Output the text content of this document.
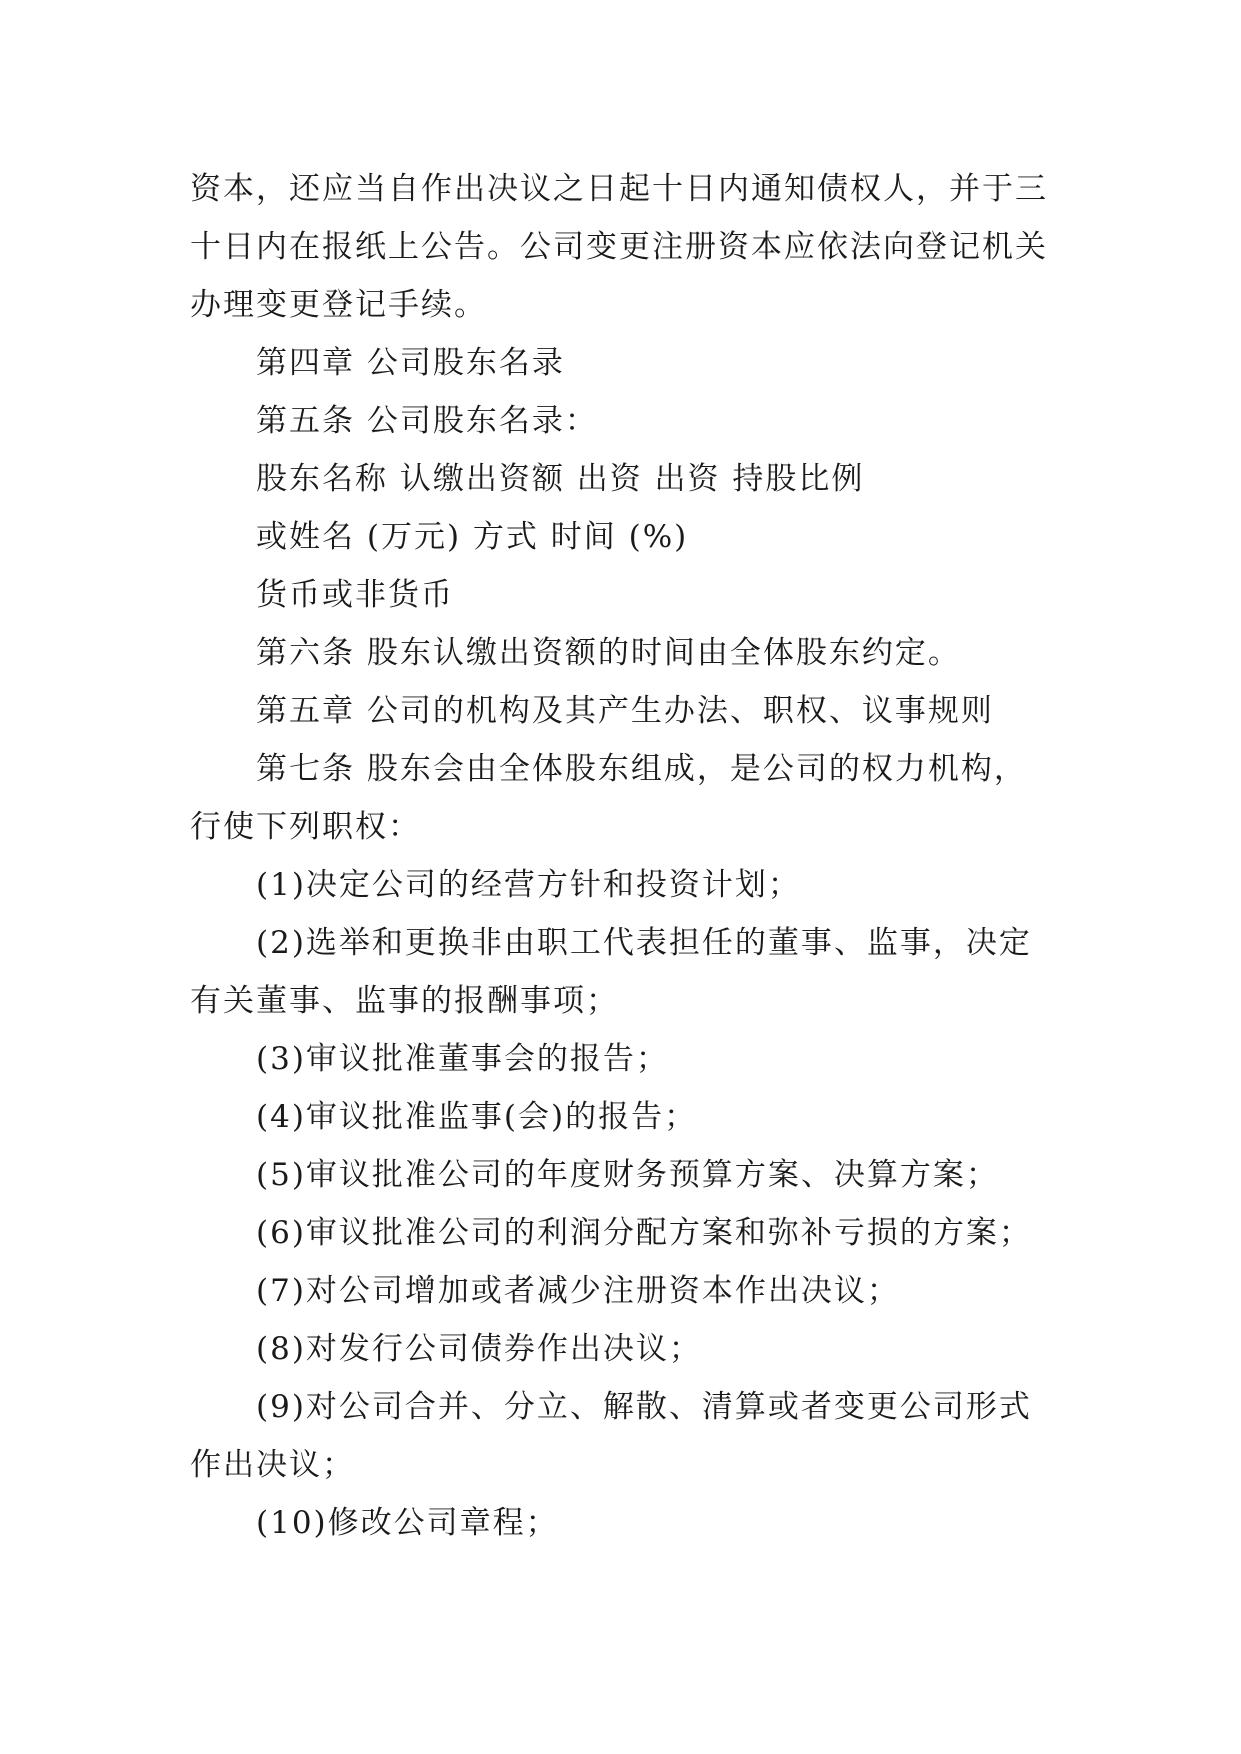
资本，还应当自作出决议之日起十日内通知债权人，并于三
十日内在报纸上公告。公司变更注册资本应依法向登记机关
办理变更登记手续。
第四章 公司股东名录
第五条 公司股东名录：
股东名称 认缴出资额 出资 出资 持股比例
或姓名 (万元) 方式 时间 (%)
货币或非货币
第六条 股东认缴出资额的时间由全体股东约定。
第五章 公司的机构及其产生办法、职权、议事规则
第七条 股东会由全体股东组成，是公司的权力机构，
行使下列职权：
(1)决定公司的经营方针和投资计划；
(2)选举和更换非由职工代表担任的董事、监事，决定
有关董事、监事的报酬事项；
(3)审议批准董事会的报告；
(4)审议批准监事(会)的报告；
(5)审议批准公司的年度财务预算方案、决算方案；
(6)审议批准公司的利润分配方案和弥补亏损的方案；
(7)对公司增加或者减少注册资本作出决议；
(8)对发行公司债券作出决议；
(9)对公司合并、分立、解散、清算或者变更公司形式
作出决议；
(10)修改公司章程；
